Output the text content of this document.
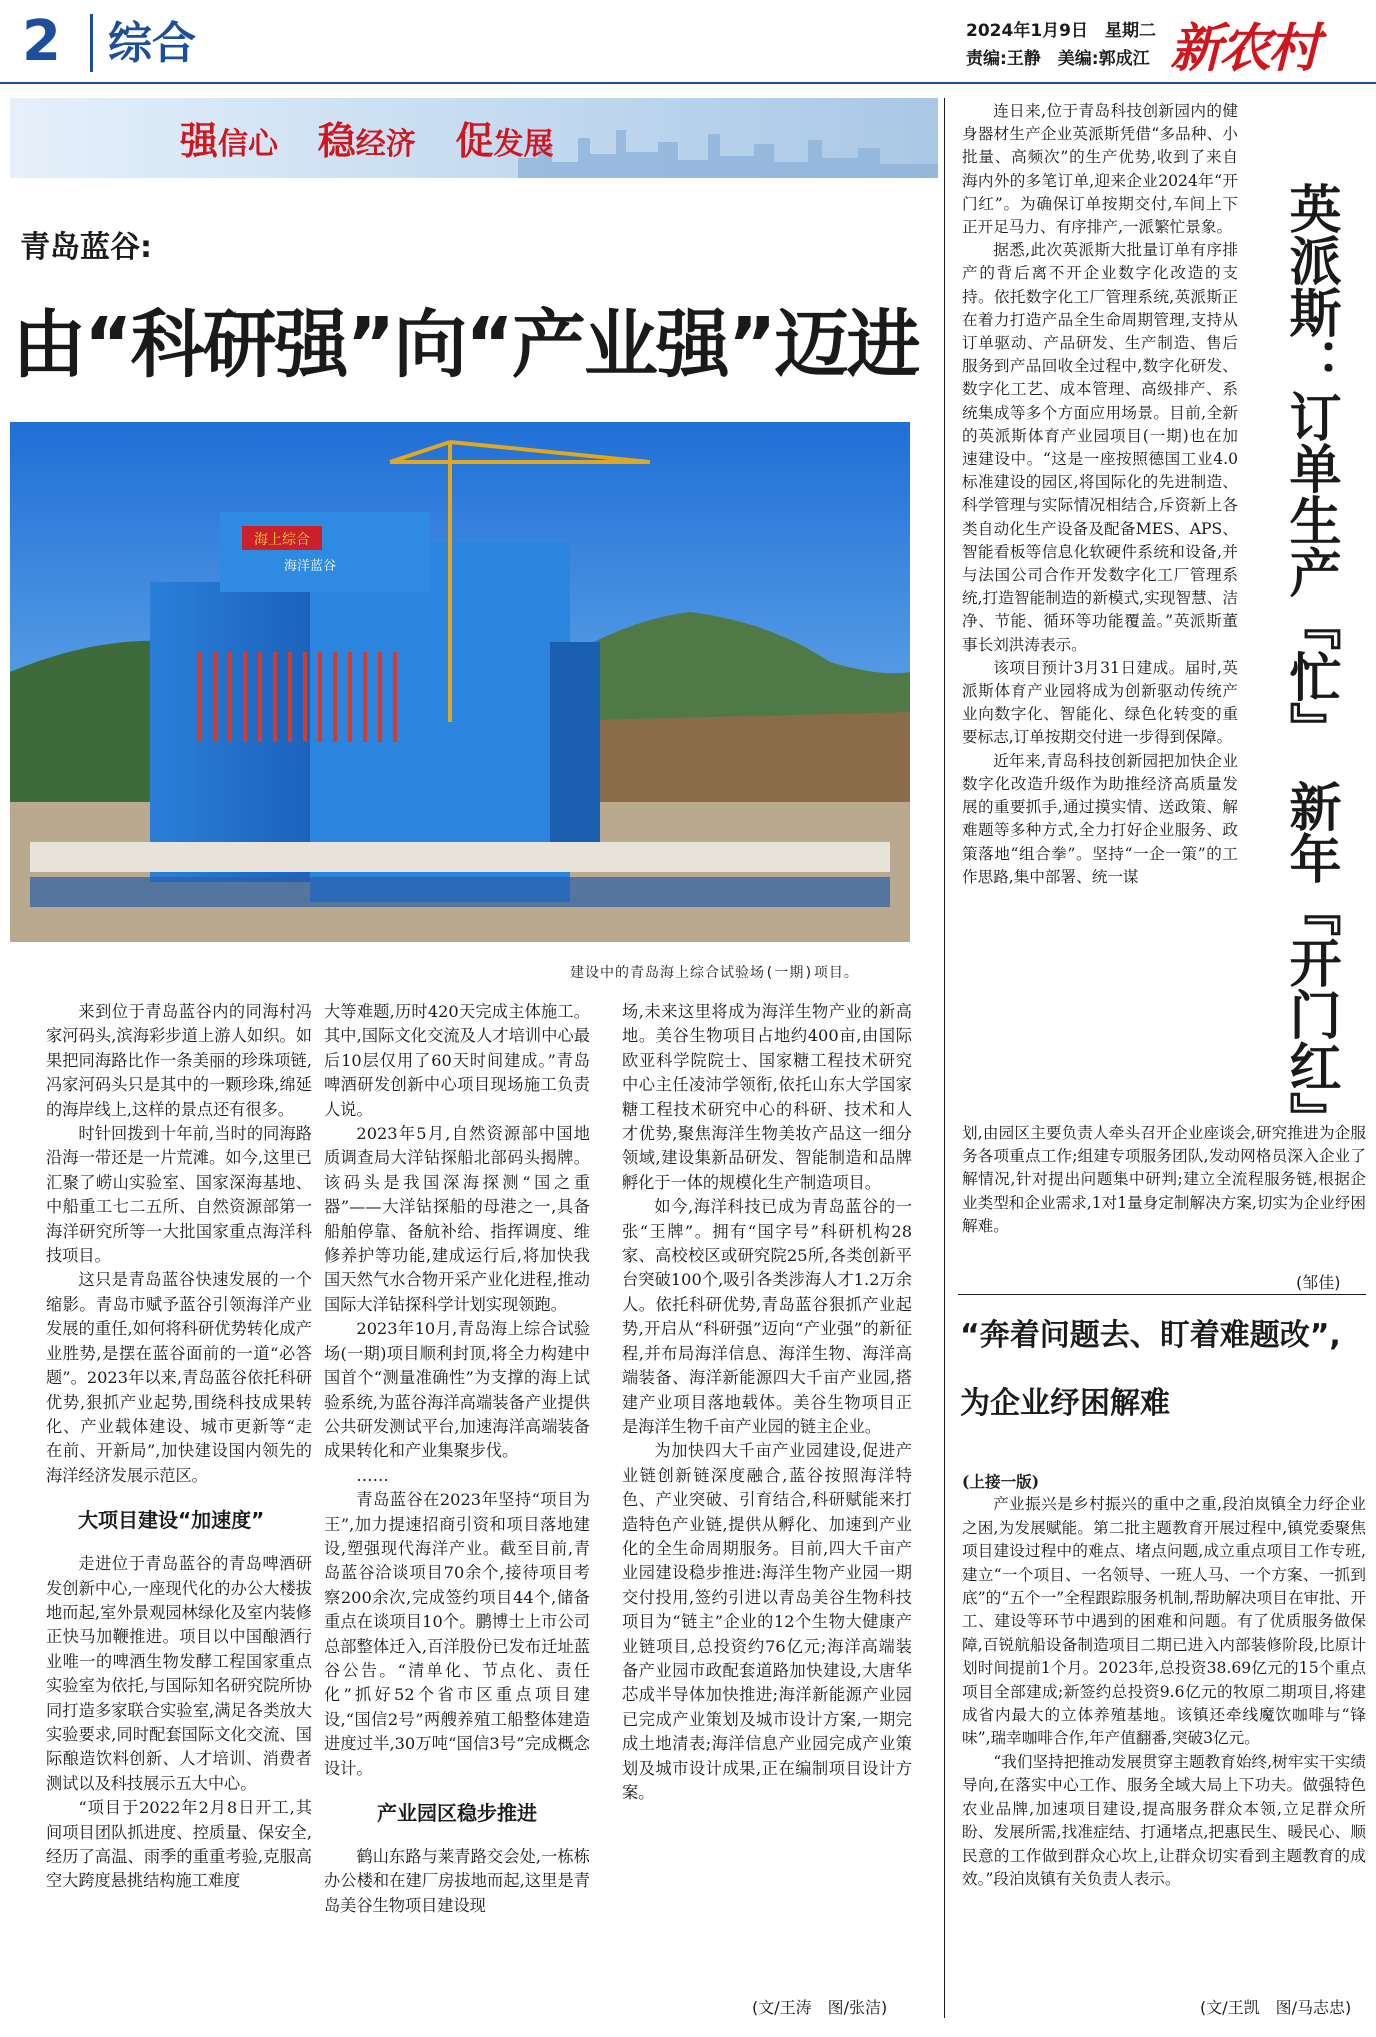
2 综合	2024年1月9日　星期二
责编:王静　美编:郭成江 新农村
强信心 稳经济 促发展
青岛蓝谷:
由“科研强”向“产业强”迈进
海上综合
海洋蓝谷
建设中的青岛海上综合试验场(一期)项目。

来到位于青岛蓝谷内的同海村冯家河码头,滨海彩步道上游人如织。如果把同海路比作一条美丽的珍珠项链,冯家河码头只是其中的一颗珍珠,绵延的海岸线上,这样的景点还有很多。

时针回拨到十年前,当时的同海路沿海一带还是一片荒滩。如今,这里已汇聚了崂山实验室、国家深海基地、中船重工七二五所、自然资源部第一海洋研究所等一大批国家重点海洋科技项目。

这只是青岛蓝谷快速发展的一个缩影。青岛市赋予蓝谷引领海洋产业发展的重任,如何将科研优势转化成产业胜势,是摆在蓝谷面前的一道“必答题”。2023年以来,青岛蓝谷依托科研优势,狠抓产业起势,围绕科技成果转化、产业载体建设、城市更新等“走在前、开新局”,加快建设国内领先的海洋经济发展示范区。

大项目建设“加速度”

走进位于青岛蓝谷的青岛啤酒研发创新中心,一座现代化的办公大楼拔地而起,室外景观园林绿化及室内装修正快马加鞭推进。项目以中国酿酒行业唯一的啤酒生物发酵工程国家重点实验室为依托,与国际知名研究院所协同打造多家联合实验室,满足各类放大实验要求,同时配套国际文化交流、国际酿造饮料创新、人才培训、消费者测试以及科技展示五大中心。

“项目于2022年2月8日开工,其间项目团队抓进度、控质量、保安全,经历了高温、雨季的重重考验,克服高空大跨度悬挑结构施工难度

大等难题,历时420天完成主体施工。其中,国际文化交流及人才培训中心最后10层仅用了60天时间建成。”青岛啤酒研发创新中心项目现场施工负责人说。

2023年5月,自然资源部中国地质调查局大洋钻探船北部码头揭牌。该码头是我国深海探测“国之重器”——大洋钻探船的母港之一,具备船舶停靠、备航补给、指挥调度、维修养护等功能,建成运行后,将加快我国天然气水合物开采产业化进程,推动国际大洋钻探科学计划实现领跑。

2023年10月,青岛海上综合试验场(一期)项目顺利封顶,将全力构建中国首个“测量准确性”为支撑的海上试验系统,为蓝谷海洋高端装备产业提供公共研发测试平台,加速海洋高端装备成果转化和产业集聚步伐。

……

青岛蓝谷在2023年坚持“项目为王”,加力提速招商引资和项目落地建设,塑强现代海洋产业。截至目前,青岛蓝谷洽谈项目70余个,接待项目考察200余次,完成签约项目44个,储备重点在谈项目10个。鹏博士上市公司总部整体迁入,百洋股份已发布迁址蓝谷公告。“清单化、节点化、责任化”抓好52个省市区重点项目建设,“国信2号”两艘养殖工船整体建造进度过半,30万吨“国信3号”完成概念设计。

产业园区稳步推进

鹤山东路与莱青路交会处,一栋栋办公楼和在建厂房拔地而起,这里是青岛美谷生物项目建设现

场,未来这里将成为海洋生物产业的新高地。美谷生物项目占地约400亩,由国际欧亚科学院院士、国家糖工程技术研究中心主任凌沛学领衔,依托山东大学国家糖工程技术研究中心的科研、技术和人才优势,聚焦海洋生物美妆产品这一细分领域,建设集新品研发、智能制造和品牌孵化于一体的规模化生产制造项目。

如今,海洋科技已成为青岛蓝谷的一张“王牌”。拥有“国字号”科研机构28家、高校校区或研究院25所,各类创新平台突破100个,吸引各类涉海人才1.2万余人。依托科研优势,青岛蓝谷狠抓产业起势,开启从“科研强”迈向“产业强”的新征程,并布局海洋信息、海洋生物、海洋高端装备、海洋新能源四大千亩产业园,搭建产业项目落地载体。美谷生物项目正是海洋生物千亩产业园的链主企业。

为加快四大千亩产业园建设,促进产业链创新链深度融合,蓝谷按照海洋特色、产业突破、引育结合,科研赋能来打造特色产业链,提供从孵化、加速到产业化的全生命周期服务。目前,四大千亩产业园建设稳步推进:海洋生物产业园一期交付投用,签约引进以青岛美谷生物科技项目为“链主”企业的12个生物大健康产业链项目,总投资约76亿元;海洋高端装备产业园市政配套道路加快建设,大唐华芯成半导体加快推进;海洋新能源产业园已完成产业策划及城市设计方案,一期完成土地清表;海洋信息产业园完成产业策划及城市设计成果,正在编制项目设计方案。

(文/王涛　图/张洁)
英派斯：订单生产『忙』　新年『开门红』

连日来,位于青岛科技创新园内的健身器材生产企业英派斯凭借“多品种、小批量、高频次”的生产优势,收到了来自海内外的多笔订单,迎来企业2024年“开门红”。为确保订单按期交付,车间上下正开足马力、有序排产,一派繁忙景象。

据悉,此次英派斯大批量订单有序排产的背后离不开企业数字化改造的支持。依托数字化工厂管理系统,英派斯正在着力打造产品全生命周期管理,支持从订单驱动、产品研发、生产制造、售后服务到产品回收全过程中,数字化研发、数字化工艺、成本管理、高级排产、系统集成等多个方面应用场景。目前,全新的英派斯体育产业园项目(一期)也在加速建设中。“这是一座按照德国工业4.0标准建设的园区,将国际化的先进制造、科学管理与实际情况相结合,斥资新上各类自动化生产设备及配备MES、APS、智能看板等信息化软硬件系统和设备,并与法国公司合作开发数字化工厂管理系统,打造智能制造的新模式,实现智慧、洁净、节能、循环等功能覆盖。”英派斯董事长刘洪涛表示。

该项目预计3月31日建成。届时,英派斯体育产业园将成为创新驱动传统产业向数字化、智能化、绿色化转变的重要标志,订单按期交付进一步得到保障。

近年来,青岛科技创新园把加快企业数字化改造升级作为助推经济高质量发展的重要抓手,通过摸实情、送政策、解难题等多种方式,全力打好企业服务、政策落地“组合拳”。坚持“一企一策”的工作思路,集中部署、统一谋

划,由园区主要负责人牵头召开企业座谈会,研究推进为企服务各项重点工作;组建专项服务团队,发动网格员深入企业了解情况,针对提出问题集中研判;建立全流程服务链,根据企业类型和企业需求,1对1量身定制解决方案,切实为企业纾困解难。

(邹佳)
“奔着问题去、盯着难题改”,
为企业纾困解难

(上接一版)

产业振兴是乡村振兴的重中之重,段泊岚镇全力纾企业之困,为发展赋能。第二批主题教育开展过程中,镇党委聚焦项目建设过程中的难点、堵点问题,成立重点项目工作专班,建立“一个项目、一名领导、一班人马、一个方案、一抓到底”的“五个一”全程跟踪服务机制,帮助解决项目在审批、开工、建设等环节中遇到的困难和问题。有了优质服务做保障,百锐航船设备制造项目二期已进入内部装修阶段,比原计划时间提前1个月。2023年,总投资38.69亿元的15个重点项目全部建成;新签约总投资9.6亿元的牧原二期项目,将建成省内最大的立体养殖基地。该镇还牵线魔饮咖啡与“锋味”,瑞幸咖啡合作,年产值翻番,突破3亿元。

“我们坚持把推动发展贯穿主题教育始终,树牢实干实绩导向,在落实中心工作、服务全域大局上下功夫。做强特色农业品牌,加速项目建设,提高服务群众本领,立足群众所盼、发展所需,找准症结、打通堵点,把惠民生、暖民心、顺民意的工作做到群众心坎上,让群众切实看到主题教育的成效。”段泊岚镇有关负责人表示。

(文/王凯　图/马志忠)
